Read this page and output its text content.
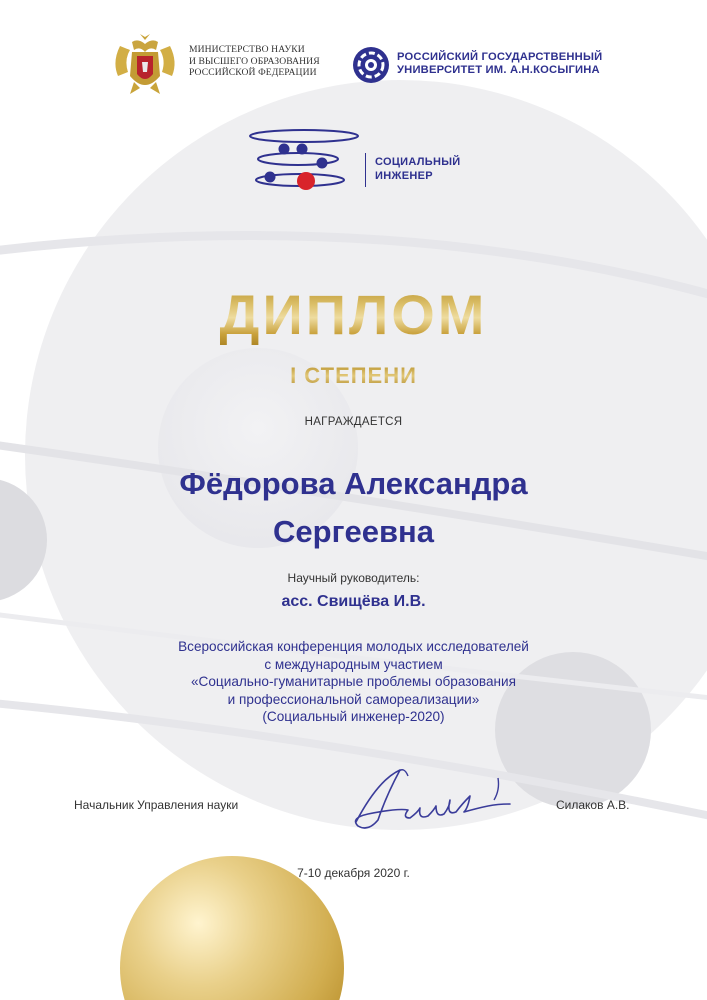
МИНИСТЕРСТВО НАУКИ
И ВЫСШЕГО ОБРАЗОВАНИЯ
РОССИЙСКОЙ ФЕДЕРАЦИИ
РОССИЙСКИЙ ГОСУДАРСТВЕННЫЙ
УНИВЕРСИТЕТ ИМ. А.Н.КОСЫГИНА
СОЦИАЛЬНЫЙ
ИНЖЕНЕР
ДИПЛОМ
I СТЕПЕНИ
НАГРАЖДАЕТСЯ
Фёдорова Александра
Сергеевна
Научный руководитель:
асс. Свищёва И.В.
Всероссийская конференция молодых исследователей
с международным участием
«Социально-гуманитарные проблемы образования
и профессиональной самореализации»
(Социальный инженер-2020)
Начальник Управления науки	Силаков А.В.
7-10 декабря 2020 г.
